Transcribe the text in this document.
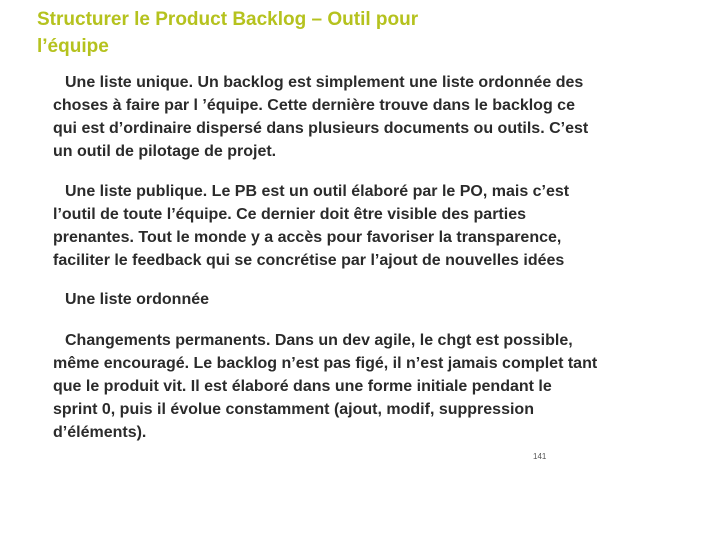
Structurer le Product Backlog – Outil pour
l’équipe

Une liste unique. Un backlog est simplement une liste ordonnée des
choses à faire par l ’équipe. Cette dernière trouve dans le backlog ce
qui est d’ordinaire dispersé dans plusieurs documents ou outils. C’est
un outil de pilotage de projet.

Une liste publique. Le PB est un outil élaboré par le PO, mais c’est
l’outil de toute l’équipe. Ce dernier doit être visible des parties
prenantes. Tout le monde y a accès pour favoriser la transparence,
faciliter le feedback qui se concrétise par l’ajout de nouvelles idées

Une liste ordonnée

Changements permanents. Dans un dev agile, le chgt est possible,
même encouragé. Le backlog n’est pas figé, il n’est jamais complet tant
que le produit vit. Il est élaboré dans une forme initiale pendant le
sprint 0, puis il évolue constamment (ajout, modif, suppression
d’éléments).

141
